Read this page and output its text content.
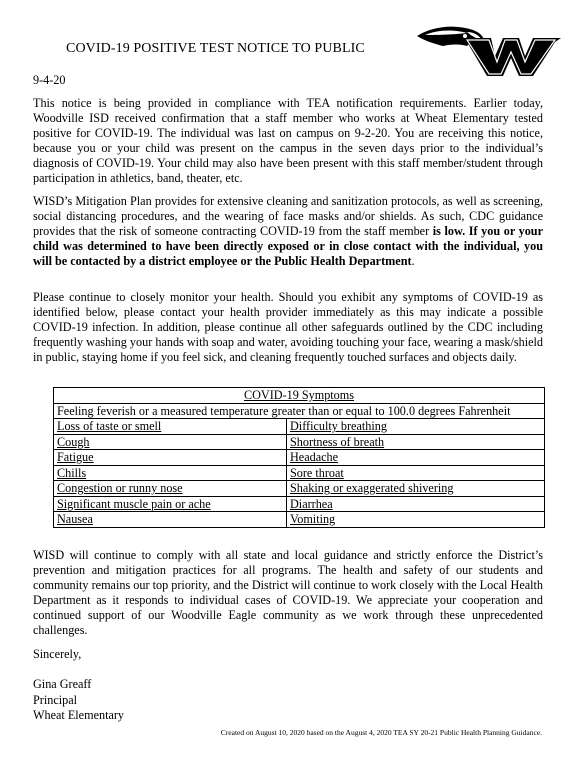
COVID-19 POSITIVE TEST NOTICE TO PUBLIC
9-4-20

This notice is being provided in compliance with TEA notification requirements. Earlier today, Woodville ISD received confirmation that a staff member who works at Wheat Elementary tested positive for COVID-19. The individual was last on campus on 9-2-20. You are receiving this notice, because you or your child was present on the campus in the seven days prior to the individual’s diagnosis of COVID-19. Your child may also have been present with this staff member/student through participation in athletics, band, theater, etc.

WISD’s Mitigation Plan provides for extensive cleaning and sanitization protocols, as well as screening, social distancing procedures, and the wearing of face masks and/or shields. As such, CDC guidance provides that the risk of someone contracting COVID-19 from the staff member is low. If you or your child was determined to have been directly exposed or in close contact with the individual, you will be contacted by a district employee or the Public Health Department.

Please continue to closely monitor your health. Should you exhibit any symptoms of COVID-19 as identified below, please contact your health provider immediately as this may indicate a possible COVID-19 infection. In addition, please continue all other safeguards outlined by the CDC including frequently washing your hands with soap and water, avoiding touching your face, wearing a mask/shield in public, staying home if you feel sick, and cleaning frequently touched surfaces and objects daily.

COVID-19 Symptoms	
Feeling feverish or a measured temperature greater than or equal to 100.0 degrees Fahrenheit	
Loss of taste or smell	Difficulty breathing
Cough	Shortness of breath
Fatigue	Headache
Chills	Sore throat
Congestion or runny nose	Shaking or exaggerated shivering
Significant muscle pain or ache	Diarrhea
Nausea	Vomiting

WISD will continue to comply with all state and local guidance and strictly enforce the District’s prevention and mitigation practices for all programs. The health and safety of our students and community remains our top priority, and the District will continue to work closely with the Local Health Department as it responds to individual cases of COVID-19. We appreciate your cooperation and continued support of our Woodville Eagle community as we work through these unprecedented challenges.

Sincerely,
Gina Greaff
Principal
Wheat Elementary
Created on August 10, 2020 based on the August 4, 2020 TEA SY 20-21 Public Health Planning Guidance.
